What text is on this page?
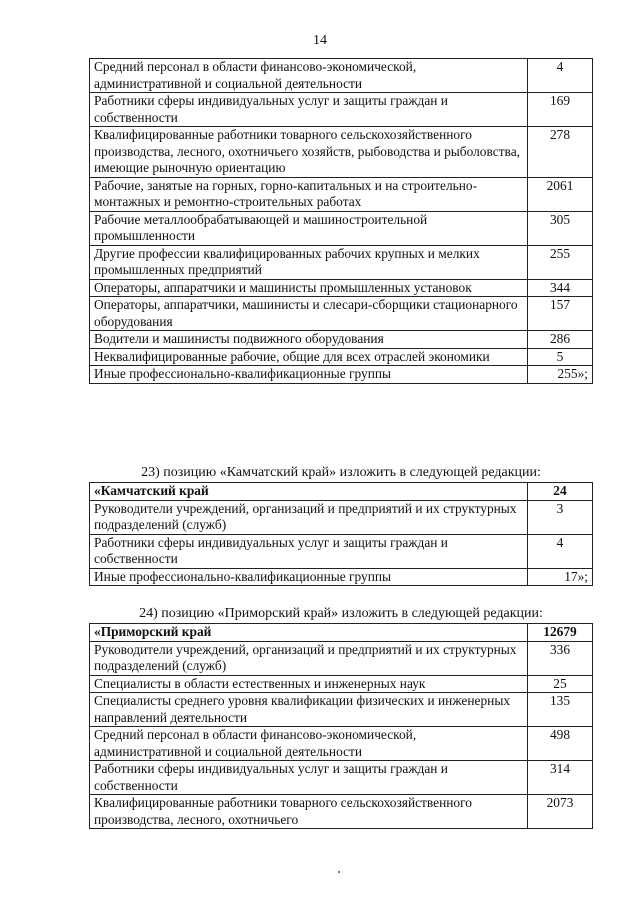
14
Средний персонал в области финансово-экономической, административной и социальной деятельности	4
Работники сферы индивидуальных услуг и защиты граждан и собственности	169
Квалифицированные работники товарного сельскохозяйственного производства, лесного, охотничьего хозяйств, рыбоводства и рыболовства, имеющие рыночную ориентацию	278
Рабочие, занятые на горных, горно-капитальных и на строительно-монтажных и ремонтно-строительных работах	2061
Рабочие металлообрабатывающей и машиностроительной промышленности	305
Другие профессии квалифицированных рабочих крупных и мелких промышленных предприятий	255
Операторы, аппаратчики и машинисты промышленных установок	344
Операторы, аппаратчики, машинисты и слесари-сборщики стационарного оборудования	157
Водители и машинисты подвижного оборудования	286
Неквалифицированные рабочие, общие для всех отраслей экономики	5
Иные профессионально-квалификационные группы	255»;
23) позицию «Камчатский край» изложить в следующей редакции:
«Камчатский край	24
Руководители учреждений, организаций и предприятий и их структурных подразделений (служб)	3
Работники сферы индивидуальных услуг и защиты граждан и собственности	4
Иные профессионально-квалификационные группы	17»;
24) позицию «Приморский край» изложить в следующей редакции:
«Приморский край	12679
Руководители учреждений, организаций и предприятий и их структурных подразделений (служб)	336
Специалисты в области естественных и инженерных наук	25
Специалисты среднего уровня квалификации физических и инженерных направлений деятельности	135
Средний персонал в области финансово-экономической, административной и социальной деятельности	498
Работники сферы индивидуальных услуг и защиты граждан и собственности	314
Квалифицированные работники товарного сельскохозяйственного производства, лесного, охотничьего	2073
